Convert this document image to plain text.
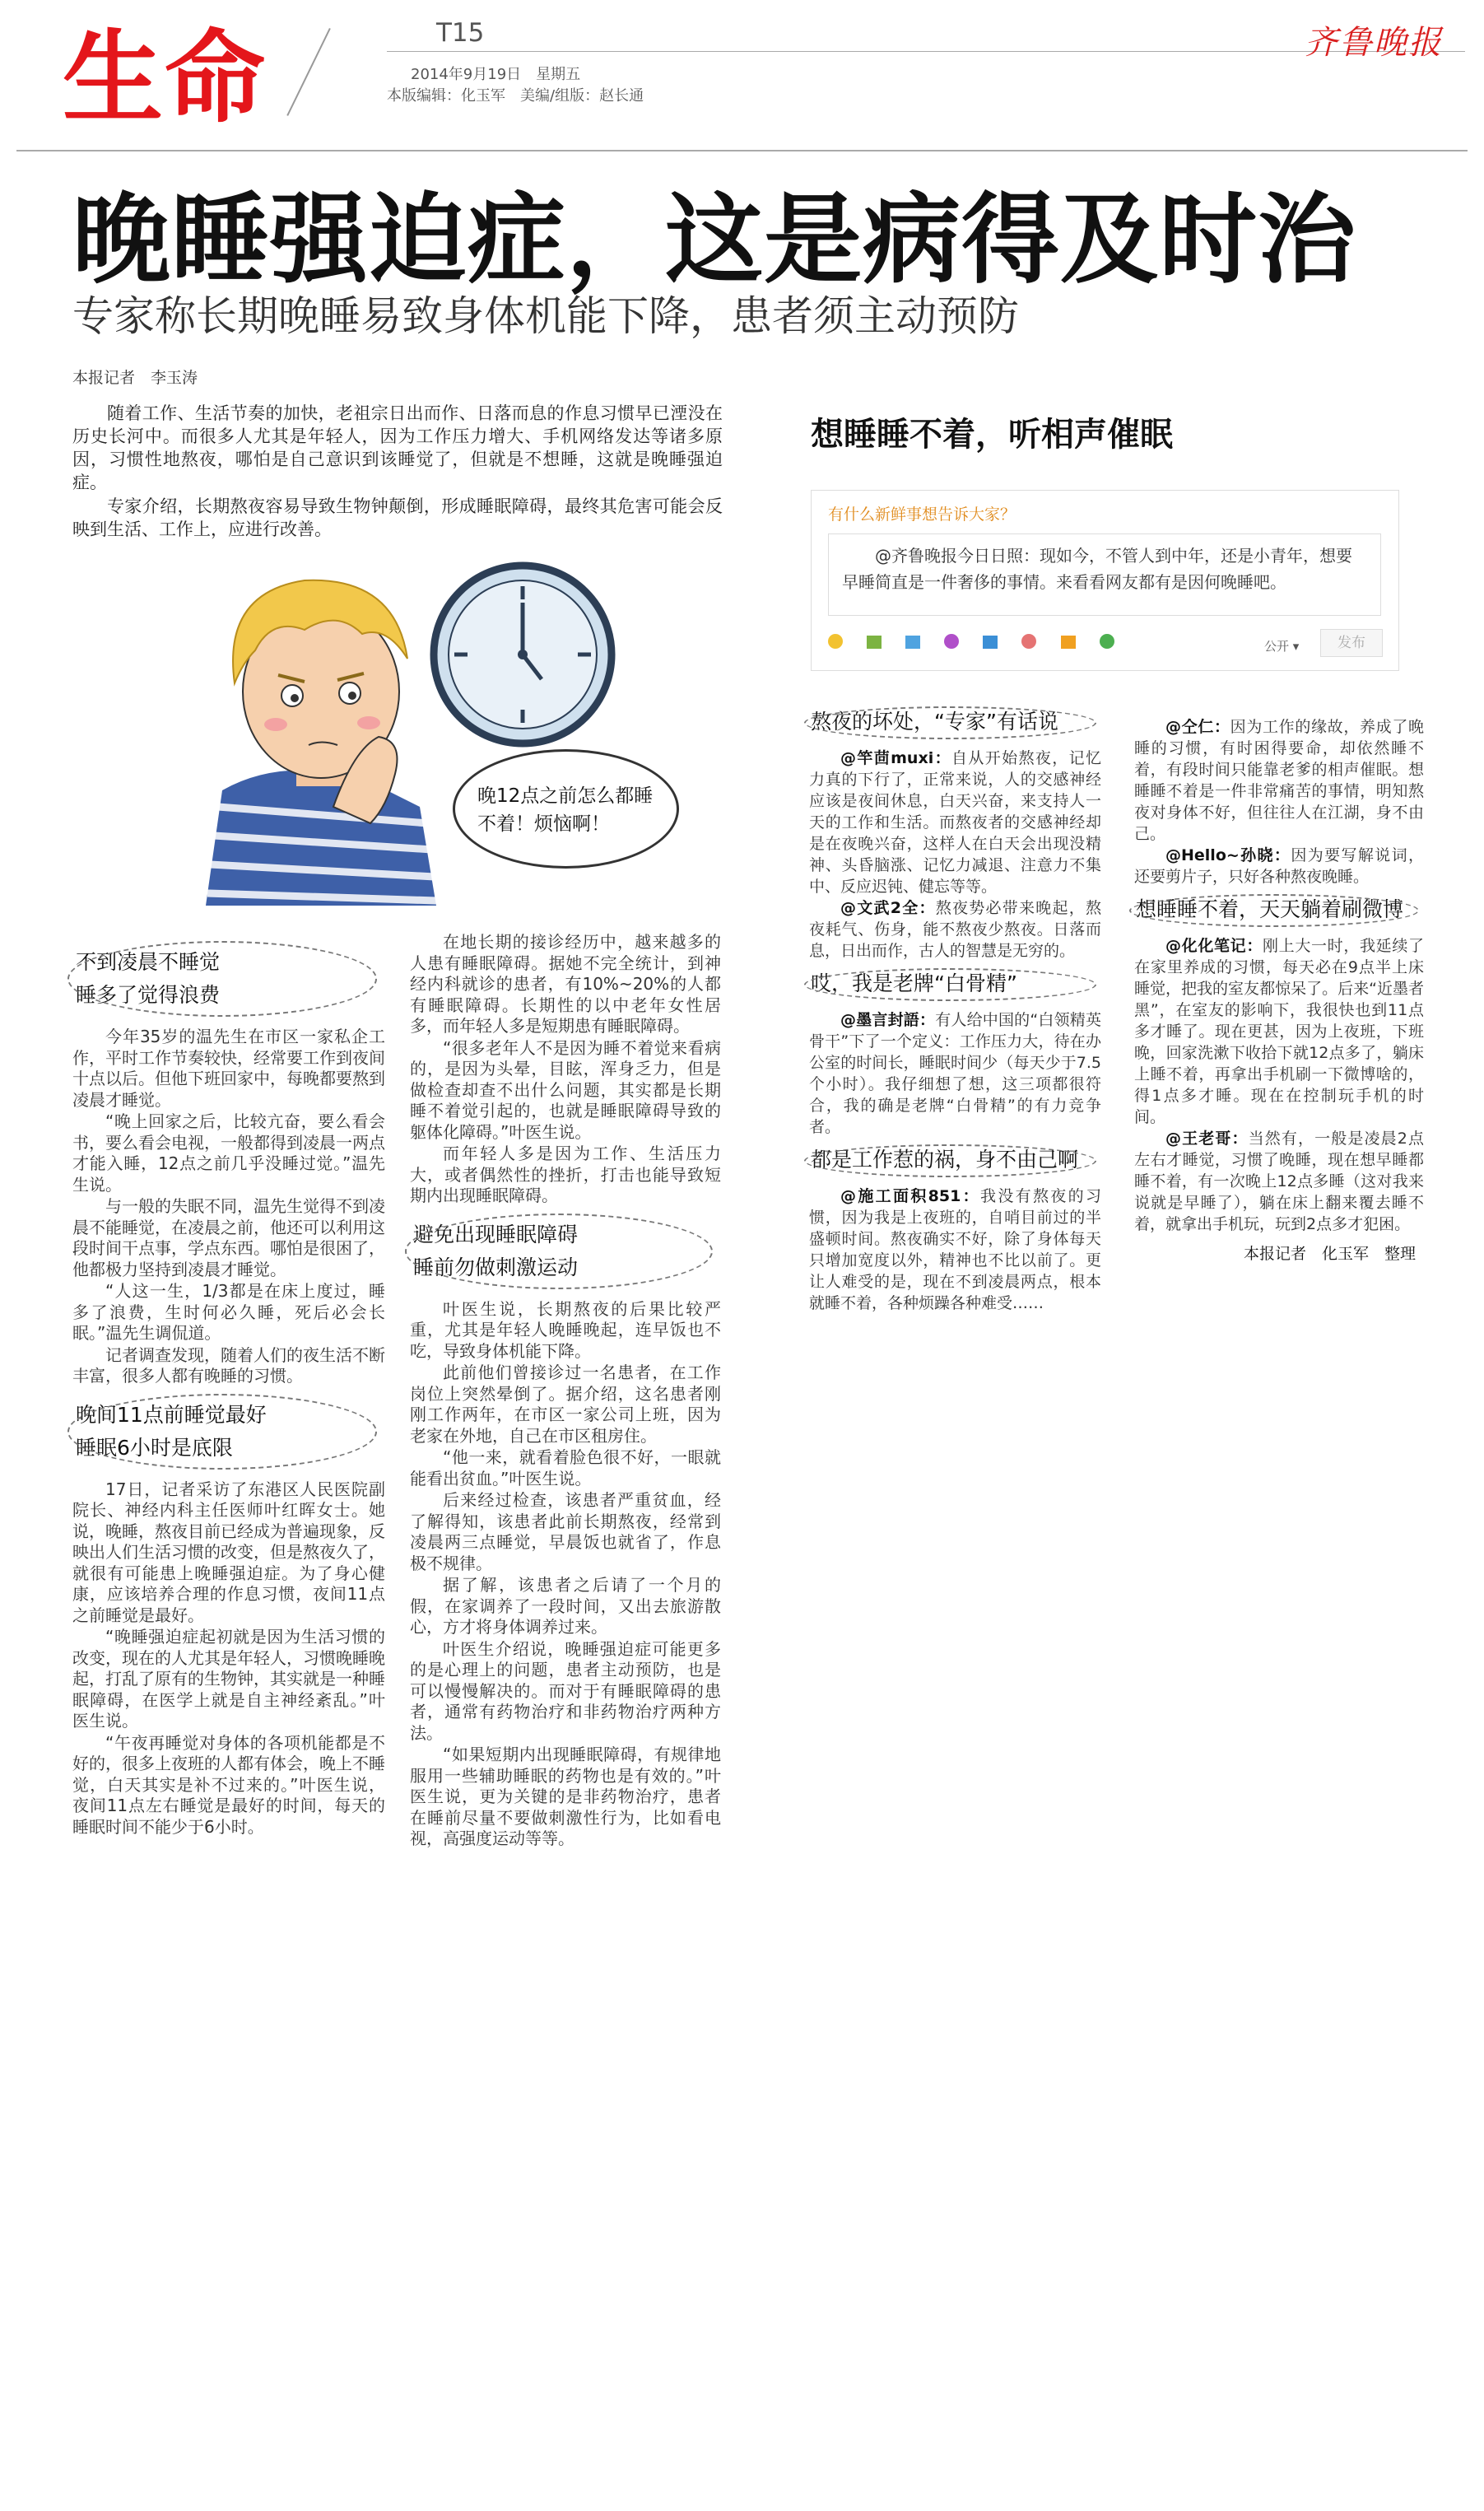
生命	T15
2014年9月19日　星期五
本版编辑：化玉军　美编/组版：赵长通
齐鲁晚报
晚睡强迫症，这是病得及时治
专家称长期晚睡易致身体机能下降，患者须主动预防
本报记者　李玉涛

随着工作、生活节奏的加快，老祖宗日出而作、日落而息的作息习惯早已湮没在历史长河中。而很多人尤其是年轻人，因为工作压力增大、手机网络发达等诸多原因，习惯性地熬夜，哪怕是自己意识到该睡觉了，但就是不想睡，这就是晚睡强迫症。

专家介绍，长期熬夜容易导致生物钟颠倒，形成睡眠障碍，最终其危害可能会反映到生活、工作上，应进行改善。

晚12点之前怎么都睡不着！烦恼啊！
不到凌晨不睡觉
睡多了觉得浪费

今年35岁的温先生在市区一家私企工作，平时工作节奏较快，经常要工作到夜间十点以后。但他下班回家中，每晚都要熬到凌晨才睡觉。

“晚上回家之后，比较亢奋，要么看会书，要么看会电视，一般都得到凌晨一两点才能入睡，12点之前几乎没睡过觉。”温先生说。

与一般的失眠不同，温先生觉得不到凌晨不能睡觉，在凌晨之前，他还可以利用这段时间干点事，学点东西。哪怕是很困了，他都极力坚持到凌晨才睡觉。

“人这一生，1/3都是在床上度过，睡多了浪费，生时何必久睡，死后必会长眠。”温先生调侃道。

记者调查发现，随着人们的夜生活不断丰富，很多人都有晚睡的习惯。

晚间11点前睡觉最好
睡眠6小时是底限

17日，记者采访了东港区人民医院副院长、神经内科主任医师叶红晖女士。她说，晚睡，熬夜目前已经成为普遍现象，反映出人们生活习惯的改变，但是熬夜久了，就很有可能患上晚睡强迫症。为了身心健康，应该培养合理的作息习惯，夜间11点之前睡觉是最好。

“晚睡强迫症起初就是因为生活习惯的改变，现在的人尤其是年轻人，习惯晚睡晚起，打乱了原有的生物钟，其实就是一种睡眠障碍，在医学上就是自主神经紊乱。”叶医生说。

“午夜再睡觉对身体的各项机能都是不好的，很多上夜班的人都有体会，晚上不睡觉，白天其实是补不过来的。”叶医生说，夜间11点左右睡觉是最好的时间，每天的睡眠时间不能少于6小时。

在地长期的接诊经历中，越来越多的人患有睡眠障碍。据她不完全统计，到神经内科就诊的患者，有10%~20%的人都有睡眠障碍。长期性的以中老年女性居多，而年轻人多是短期患有睡眠障碍。

“很多老年人不是因为睡不着觉来看病的，是因为头晕，目眩，浑身乏力，但是做检查却查不出什么问题，其实都是长期睡不着觉引起的，也就是睡眠障碍导致的躯体化障碍。”叶医生说。

而年轻人多是因为工作、生活压力大，或者偶然性的挫折，打击也能导致短期内出现睡眠障碍。

避免出现睡眠障碍
睡前勿做刺激运动

叶医生说，长期熬夜的后果比较严重，尤其是年轻人晚睡晚起，连早饭也不吃，导致身体机能下降。

此前他们曾接诊过一名患者，在工作岗位上突然晕倒了。据介绍，这名患者刚刚工作两年，在市区一家公司上班，因为老家在外地，自己在市区租房住。

“他一来，就看着脸色很不好，一眼就能看出贫血。”叶医生说。

后来经过检查，该患者严重贫血，经了解得知，该患者此前长期熬夜，经常到凌晨两三点睡觉，早晨饭也就省了，作息极不规律。

据了解，该患者之后请了一个月的假，在家调养了一段时间，又出去旅游散心，方才将身体调养过来。

叶医生介绍说，晚睡强迫症可能更多的是心理上的问题，患者主动预防，也是可以慢慢解决的。而对于有睡眠障碍的患者，通常有药物治疗和非药物治疗两种方法。

“如果短期内出现睡眠障碍，有规律地服用一些辅助睡眠的药物也是有效的。”叶医生说，更为关键的是非药物治疗，患者在睡前尽量不要做刺激性行为，比如看电视，高强度运动等等。

想睡睡不着，听相声催眠
有什么新鲜事想告诉大家？
@齐鲁晚报今日日照：现如今，不管人到中年，还是小青年，想要早睡简直是一件奢侈的事情。来看看网友都有是因何晚睡吧。

公开 ▾	发布
熬夜的坏处，“专家”有话说

@竿茴muxi：自从开始熬夜，记忆力真的下行了，正常来说，人的交感神经应该是夜间休息，白天兴奋，来支持人一天的工作和生活。而熬夜者的交感神经却是在夜晚兴奋，这样人在白天会出现没精神、头昏脑涨、记忆力减退、注意力不集中、反应迟钝、健忘等等。

@文武2全：熬夜势必带来晚起，熬夜耗气、伤身，能不熬夜少熬夜。日落而息，日出而作，古人的智慧是无穷的。

哎，我是老牌“白骨精”

@墨言封語：有人给中国的“白领精英骨干”下了一个定义：工作压力大，待在办公室的时间长，睡眠时间少（每天少于7.5个小时）。我仔细想了想，这三项都很符合，我的确是老牌“白骨精”的有力竞争者。

都是工作惹的祸，身不由己啊

@施工面积851：我没有熬夜的习惯，因为我是上夜班的，自哨目前过的半盛顿时间。熬夜确实不好，除了身体每天只增加宽度以外，精神也不比以前了。更让人难受的是，现在不到凌晨两点，根本就睡不着，各种烦躁各种难受……

@仝仁：因为工作的缘故，养成了晚睡的习惯，有时困得要命，却依然睡不着，有段时间只能靠老爹的相声催眠。想睡睡不着是一件非常痛苦的事情，明知熬夜对身体不好，但往往人在江湖，身不由己。

@Hello~孙晓：因为要写解说词，还要剪片子，只好各种熬夜晚睡。

想睡睡不着，天天躺着刷微博

@化化笔记：刚上大一时，我延续了在家里养成的习惯，每天必在9点半上床睡觉，把我的室友都惊呆了。后来“近墨者黑”，在室友的影响下，我很快也到11点多才睡了。现在更甚，因为上夜班，下班晚，回家洗漱下收拾下就12点多了，躺床上睡不着，再拿出手机刷一下微博啥的，得1点多才睡。现在在控制玩手机的时间。

@王老哥：当然有，一般是凌晨2点左右才睡觉，习惯了晚睡，现在想早睡都睡不着，有一次晚上12点多睡（这对我来说就是早睡了），躺在床上翻来覆去睡不着，就拿出手机玩，玩到2点多才犯困。

本报记者　化玉军　整理
